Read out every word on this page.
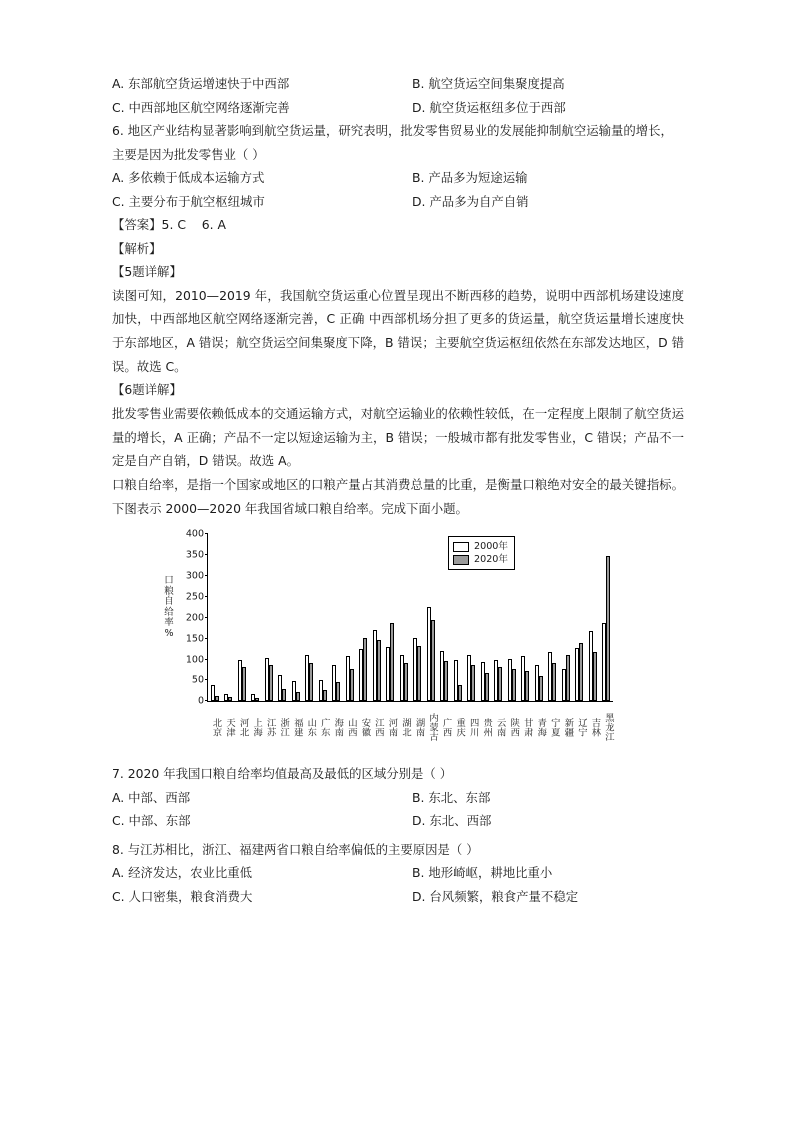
A. 东部航空货运增速快于中西部	B. 航空货运空间集聚度提高
C. 中西部地区航空网络逐渐完善	D. 航空货运枢纽多位于西部
6. 地区产业结构显著影响到航空货运量，研究表明，批发零售贸易业的发展能抑制航空运输量的增长，主要是因为批发零售业（ ）
A. 多依赖于低成本运输方式	B. 产品多为短途运输
C. 主要分布于航空枢纽城市	D. 产品多为自产自销
【答案】5. C    6. A
【解析】
【5题详解】
读图可知，2010—2019 年，我国航空货运重心位置呈现出不断西移的趋势，说明中西部机场建设速度加快，中西部地区航空网络逐渐完善，C 正确 中西部机场分担了更多的货运量，航空货运量增长速度快于东部地区，A 错误；航空货运空间集聚度下降，B 错误；主要航空货运枢纽依然在东部发达地区，D 错误。故选 C。
【6题详解】
批发零售业需要依赖低成本的交通运输方式，对航空运输业的依赖性较低，在一定程度上限制了航空货运量的增长，A 正确；产品不一定以短途运输为主，B 错误；一般城市都有批发零售业，C 错误；产品不一定是自产自销，D 错误。故选 A。
口粮自给率，是指一个国家或地区的口粮产量占其消费总量的比重，是衡量口粮绝对安全的最关键指标。下图表示 2000—2020 年我国省域口粮自给率。完成下面小题。
口粮自给率 %
0
50
100
150
200
250
300
350
400
北京 天津 河北 上海 江苏 浙江 福建 山东 广东 海南 山西 安徽 江西 河南 湖北 湖南 内蒙古 广西 重庆 四川 贵州 云南 陕西 甘肃 青海 宁夏 新疆 辽宁 吉林 黑龙江
2000年
2020年
7. 2020 年我国口粮自给率均值最高及最低的区域分别是（ ）
A. 中部、西部	B. 东北、东部
C. 中部、东部	D. 东北、西部
8. 与江苏相比，浙江、福建两省口粮自给率偏低的主要原因是（ ）
A. 经济发达，农业比重低	B. 地形崎岖，耕地比重小
C. 人口密集，粮食消费大	D. 台风频繁，粮食产量不稳定
